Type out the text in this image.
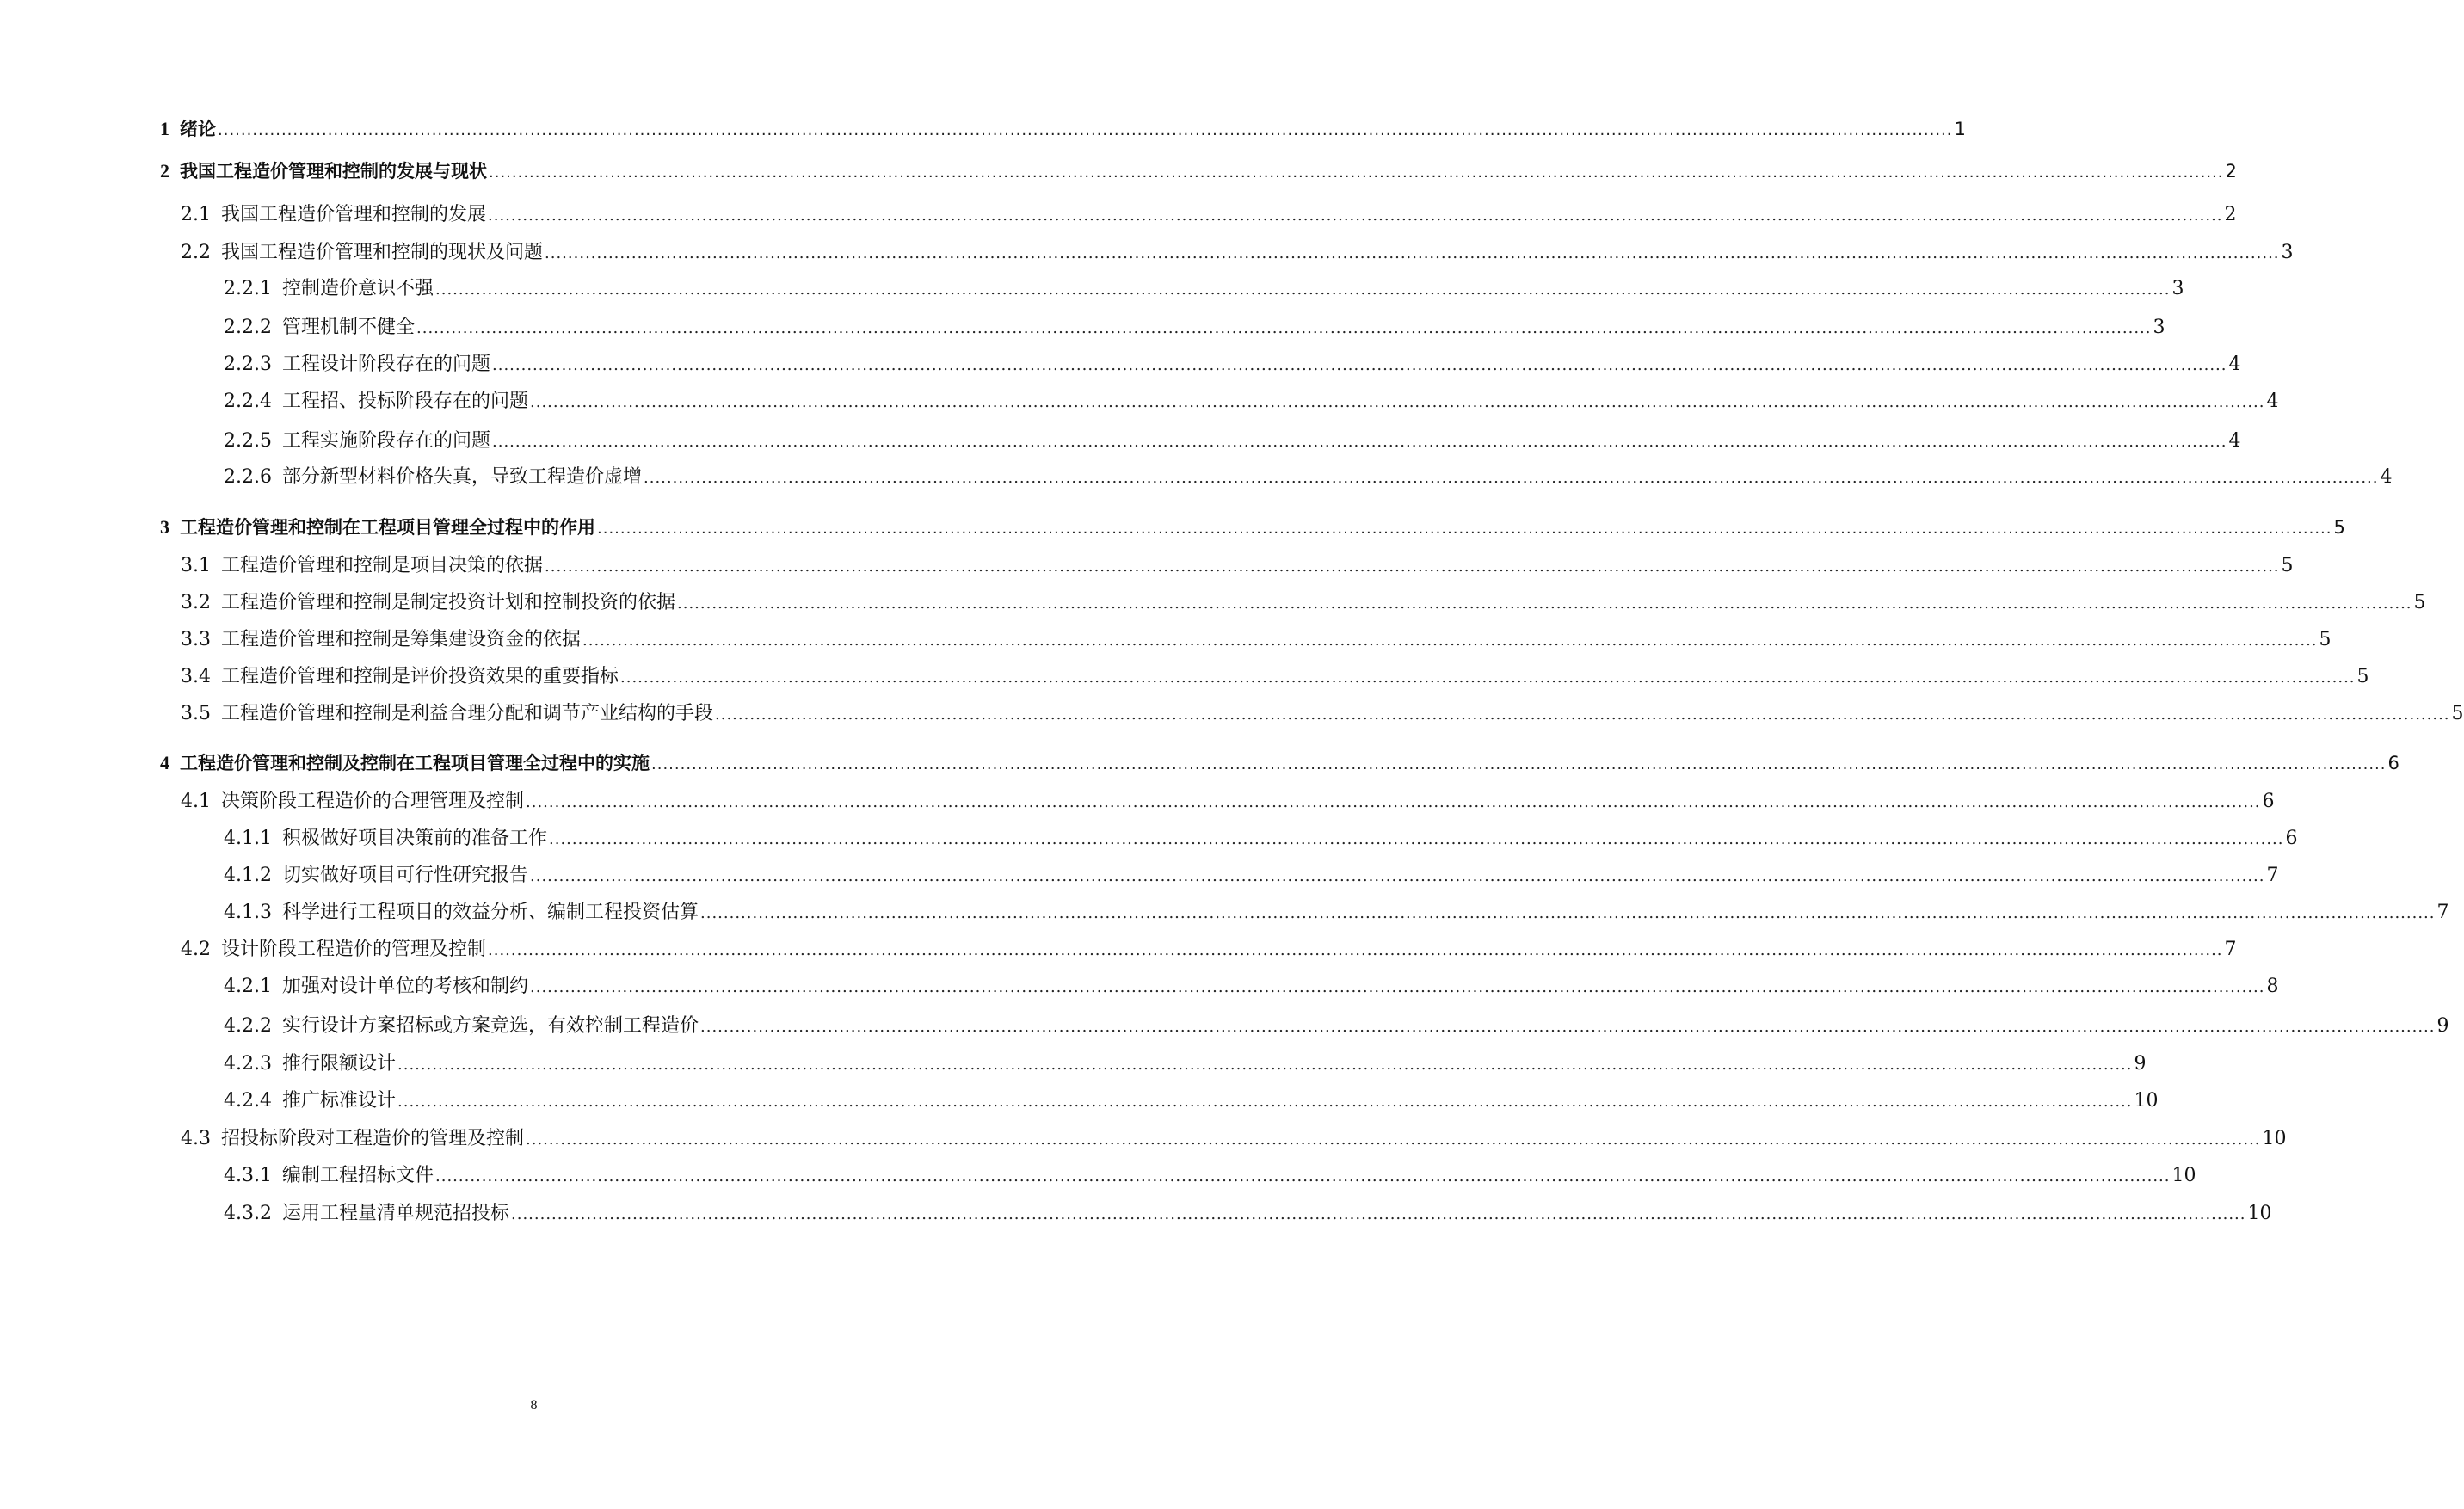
1 绪论 ............................................................................................................................................................................................................................................................................................................ 1
2 我国工程造价管理和控制的发展与现状 ............................................................................................................................................................................................................................................................................................................ 2
2.1 我国工程造价管理和控制的发展 ............................................................................................................................................................................................................................................................................................................ 2
2.2 我国工程造价管理和控制的现状及问题 ............................................................................................................................................................................................................................................................................................................ 3
2.2.1 控制造价意识不强 ............................................................................................................................................................................................................................................................................................................ 3
2.2.2 管理机制不健全 ............................................................................................................................................................................................................................................................................................................ 3
2.2.3 工程设计阶段存在的问题 ............................................................................................................................................................................................................................................................................................................ 4
2.2.4 工程招、投标阶段存在的问题 ............................................................................................................................................................................................................................................................................................................ 4
2.2.5 工程实施阶段存在的问题 ............................................................................................................................................................................................................................................................................................................ 4
2.2.6 部分新型材料价格失真，导致工程造价虚增 ............................................................................................................................................................................................................................................................................................................ 4
3 工程造价管理和控制在工程项目管理全过程中的作用 ............................................................................................................................................................................................................................................................................................................ 5
3.1 工程造价管理和控制是项目决策的依据 ............................................................................................................................................................................................................................................................................................................ 5
3.2 工程造价管理和控制是制定投资计划和控制投资的依据 ............................................................................................................................................................................................................................................................................................................ 5
3.3 工程造价管理和控制是筹集建设资金的依据 ............................................................................................................................................................................................................................................................................................................ 5
3.4 工程造价管理和控制是评价投资效果的重要指标 ............................................................................................................................................................................................................................................................................................................ 5
3.5 工程造价管理和控制是利益合理分配和调节产业结构的手段 ............................................................................................................................................................................................................................................................................................................ 5
4 工程造价管理和控制及控制在工程项目管理全过程中的实施 ............................................................................................................................................................................................................................................................................................................ 6
4.1 决策阶段工程造价的合理管理及控制 ............................................................................................................................................................................................................................................................................................................ 6
4.1.1 积极做好项目决策前的准备工作 ............................................................................................................................................................................................................................................................................................................ 6
4.1.2 切实做好项目可行性研究报告 ............................................................................................................................................................................................................................................................................................................ 7
4.1.3 科学进行工程项目的效益分析、编制工程投资估算 ............................................................................................................................................................................................................................................................................................................ 7
4.2 设计阶段工程造价的管理及控制 ............................................................................................................................................................................................................................................................................................................ 7
4.2.1 加强对设计单位的考核和制约 ............................................................................................................................................................................................................................................................................................................ 8
4.2.2 实行设计方案招标或方案竞选，有效控制工程造价 ............................................................................................................................................................................................................................................................................................................ 9
4.2.3 推行限额设计 ............................................................................................................................................................................................................................................................................................................ 9
4.2.4 推广标准设计 ............................................................................................................................................................................................................................................................................................................ 10
4.3 招投标阶段对工程造价的管理及控制 ............................................................................................................................................................................................................................................................................................................ 10
4.3.1 编制工程招标文件 ............................................................................................................................................................................................................................................................................................................ 10
4.3.2 运用工程量清单规范招投标 ............................................................................................................................................................................................................................................................................................................ 10
8
